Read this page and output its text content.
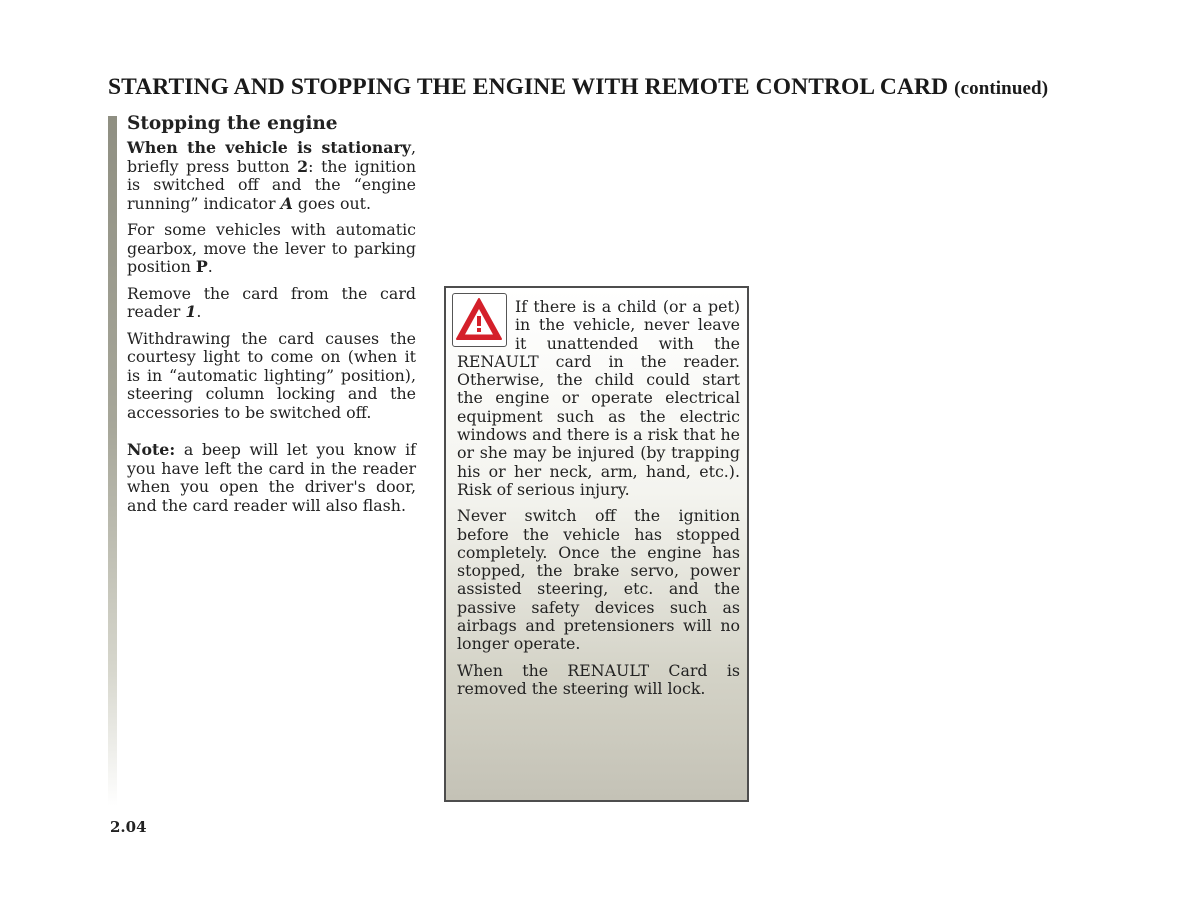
STARTING AND STOPPING THE ENGINE WITH REMOTE CONTROL CARD (continued)
Stopping the engine

When the vehicle is stationary, briefly press button 2: the ignition is switched off and the “engine running” indicator A goes out.

For some vehicles with automatic gearbox, move the lever to parking position P.

Remove the card from the card reader 1.

Withdrawing the card causes the courtesy light to come on (when it is in “automatic lighting” position), steering column locking and the accessories to be switched off.

Note: a beep will let you know if you have left the card in the reader when you open the driver's door, and the card reader will also flash.

If there is a child (or a pet) in the vehicle, never leave it unattended with the RENAULT card in the reader. Otherwise, the child could start the engine or operate electrical equipment such as the electric windows and there is a risk that he or she may be injured (by trapping his or her neck, arm, hand, etc.). Risk of serious injury.

Never switch off the ignition before the vehicle has stopped completely. Once the engine has stopped, the brake servo, power assisted steering, etc. and the passive safety devices such as airbags and pretensioners will no longer operate.

When the RENAULT Card is removed the steering will lock.

2.04
